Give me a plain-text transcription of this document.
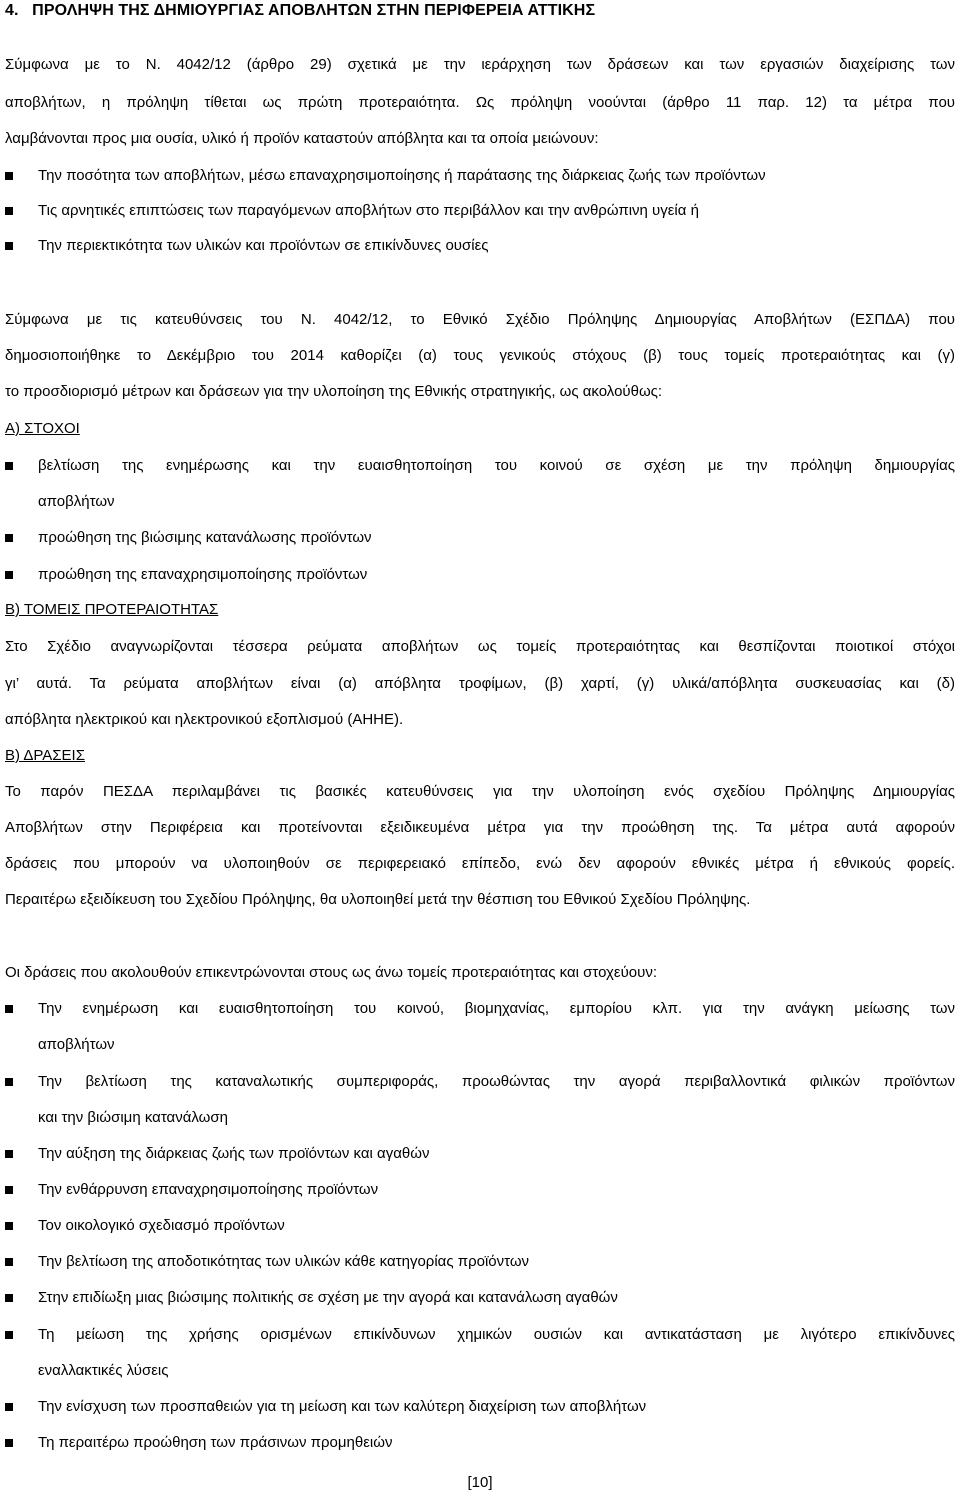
4.   ΠΡΟΛΗΨΗ ΤΗΣ ΔΗΜΙΟΥΡΓΙΑΣ ΑΠΟΒΛΗΤΩΝ ΣΤΗΝ ΠΕΡΙΦΕΡΕΙΑ ΑΤΤΙΚΗΣ
Σύμφωνα με το Ν. 4042/12 (άρθρο 29) σχετικά με την ιεράρχηση των δράσεων και των εργασιών διαχείρισης των
αποβλήτων, η πρόληψη τίθεται ως πρώτη προτεραιότητα. Ως πρόληψη νοούνται (άρθρο 11 παρ. 12) τα μέτρα που
λαμβάνονται προς μια ουσία, υλικό ή προϊόν καταστούν απόβλητα και τα οποία μειώνουν:
Την ποσότητα των αποβλήτων, μέσω επαναχρησιμοποίησης ή παράτασης της διάρκειας ζωής των προϊόντων
Τις αρνητικές επιπτώσεις των παραγόμενων αποβλήτων στο περιβάλλον και την ανθρώπινη υγεία ή
Την περιεκτικότητα των υλικών και προϊόντων σε επικίνδυνες ουσίες
Σύμφωνα με τις κατευθύνσεις του Ν. 4042/12, το Εθνικό Σχέδιο Πρόληψης Δημιουργίας Αποβλήτων (ΕΣΠΔΑ) που
δημοσιοποιήθηκε το Δεκέμβριο του 2014 καθορίζει (α) τους γενικούς στόχους (β) τους τομείς προτεραιότητας και (γ)
το προσδιορισμό μέτρων και δράσεων για την υλοποίηση της Εθνικής στρατηγικής, ως ακολούθως:
Α) ΣΤΟΧΟΙ
βελτίωση της ενημέρωσης και την ευαισθητοποίηση του κοινού σε σχέση με την πρόληψη δημιουργίας
αποβλήτων
προώθηση της βιώσιμης κατανάλωσης προϊόντων
προώθηση της επαναχρησιμοποίησης προϊόντων
Β) ΤΟΜΕΙΣ ΠΡΟΤΕΡΑΙΟΤΗΤΑΣ
Στο Σχέδιο αναγνωρίζονται τέσσερα ρεύματα αποβλήτων ως τομείς προτεραιότητας και θεσπίζονται ποιοτικοί στόχοι
γι’ αυτά. Τα ρεύματα αποβλήτων είναι (α) απόβλητα τροφίμων, (β) χαρτί, (γ) υλικά/απόβλητα συσκευασίας και (δ)
απόβλητα ηλεκτρικού και ηλεκτρονικού εξοπλισμού (ΑΗΗΕ).
Β) ΔΡΑΣΕΙΣ
Το παρόν ΠΕΣΔΑ περιλαμβάνει τις βασικές κατευθύνσεις για την υλοποίηση ενός σχεδίου Πρόληψης Δημιουργίας
Αποβλήτων στην Περιφέρεια και προτείνονται εξειδικευμένα μέτρα για την προώθηση της. Τα μέτρα αυτά αφορούν
δράσεις που μπορούν να υλοποιηθούν σε περιφερειακό επίπεδο, ενώ δεν αφορούν εθνικές μέτρα ή εθνικούς φορείς.
Περαιτέρω εξειδίκευση του Σχεδίου Πρόληψης, θα υλοποιηθεί μετά την θέσπιση του Εθνικού Σχεδίου Πρόληψης.
Οι δράσεις που ακολουθούν επικεντρώνονται στους ως άνω τομείς προτεραιότητας και στοχεύουν:
Την ενημέρωση και ευαισθητοποίηση του κοινού, βιομηχανίας, εμπορίου κλπ. για την ανάγκη μείωσης των
αποβλήτων
Την βελτίωση της καταναλωτικής συμπεριφοράς, προωθώντας την αγορά περιβαλλοντικά φιλικών προϊόντων
και την βιώσιμη κατανάλωση
Την αύξηση της διάρκειας ζωής των προϊόντων και αγαθών
Την ενθάρρυνση επαναχρησιμοποίησης προϊόντων
Τον οικολογικό σχεδιασμό προϊόντων
Την βελτίωση της αποδοτικότητας των υλικών κάθε κατηγορίας προϊόντων
Στην επιδίωξη μιας βιώσιμης πολιτικής σε σχέση με την αγορά και κατανάλωση αγαθών
Τη μείωση της χρήσης ορισμένων επικίνδυνων χημικών ουσιών και αντικατάσταση με λιγότερο επικίνδυνες
εναλλακτικές λύσεις
Την ενίσχυση των προσπαθειών για τη μείωση και των καλύτερη διαχείριση των αποβλήτων
Τη περαιτέρω προώθηση των πράσινων προμηθειών
[10]
